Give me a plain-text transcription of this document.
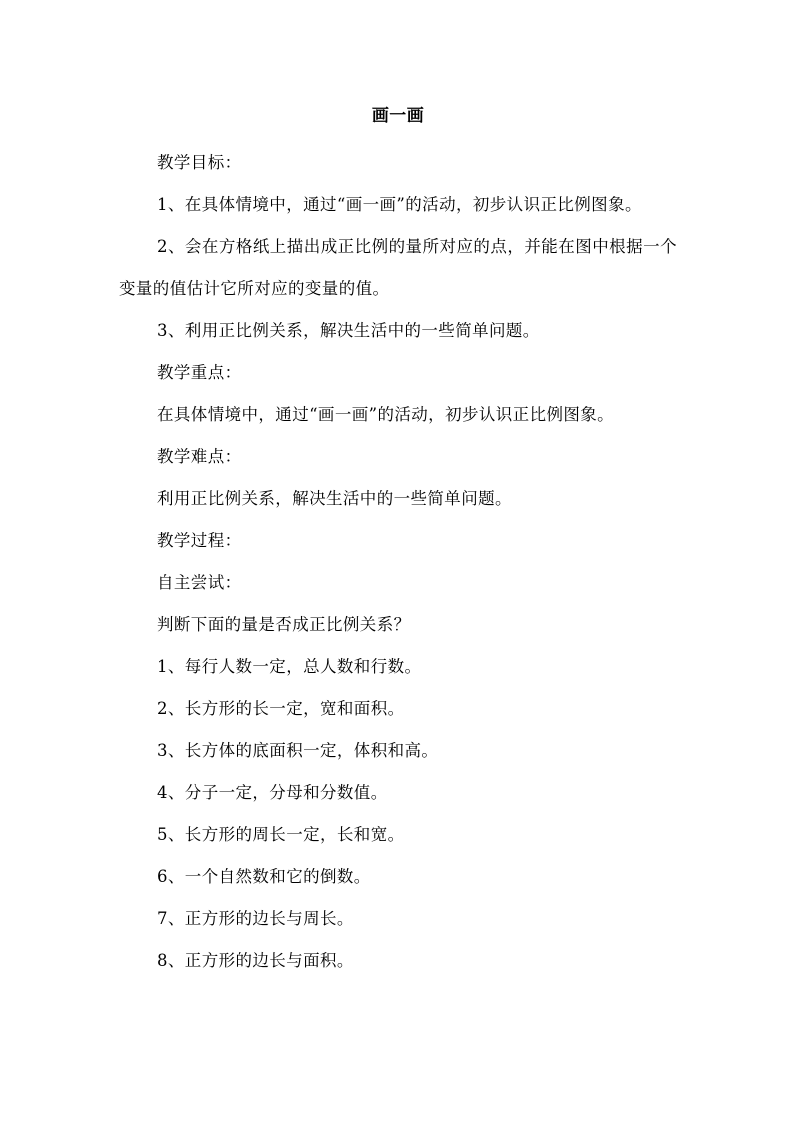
画一画

教学目标：

1、在具体情境中，通过“画一画”的活动，初步认识正比例图象。

2、会在方格纸上描出成正比例的量所对应的点，并能在图中根据一个变量的值估计它所对应的变量的值。

3、利用正比例关系，解决生活中的一些简单问题。

教学重点：

在具体情境中，通过“画一画”的活动，初步认识正比例图象。

教学难点：

利用正比例关系，解决生活中的一些简单问题。

教学过程：

自主尝试：

判断下面的量是否成正比例关系？

1、每行人数一定，总人数和行数。

2、长方形的长一定，宽和面积。

3、长方体的底面积一定，体积和高。

4、分子一定，分母和分数值。

5、长方形的周长一定，长和宽。

6、一个自然数和它的倒数。

7、正方形的边长与周长。

8、正方形的边长与面积。
